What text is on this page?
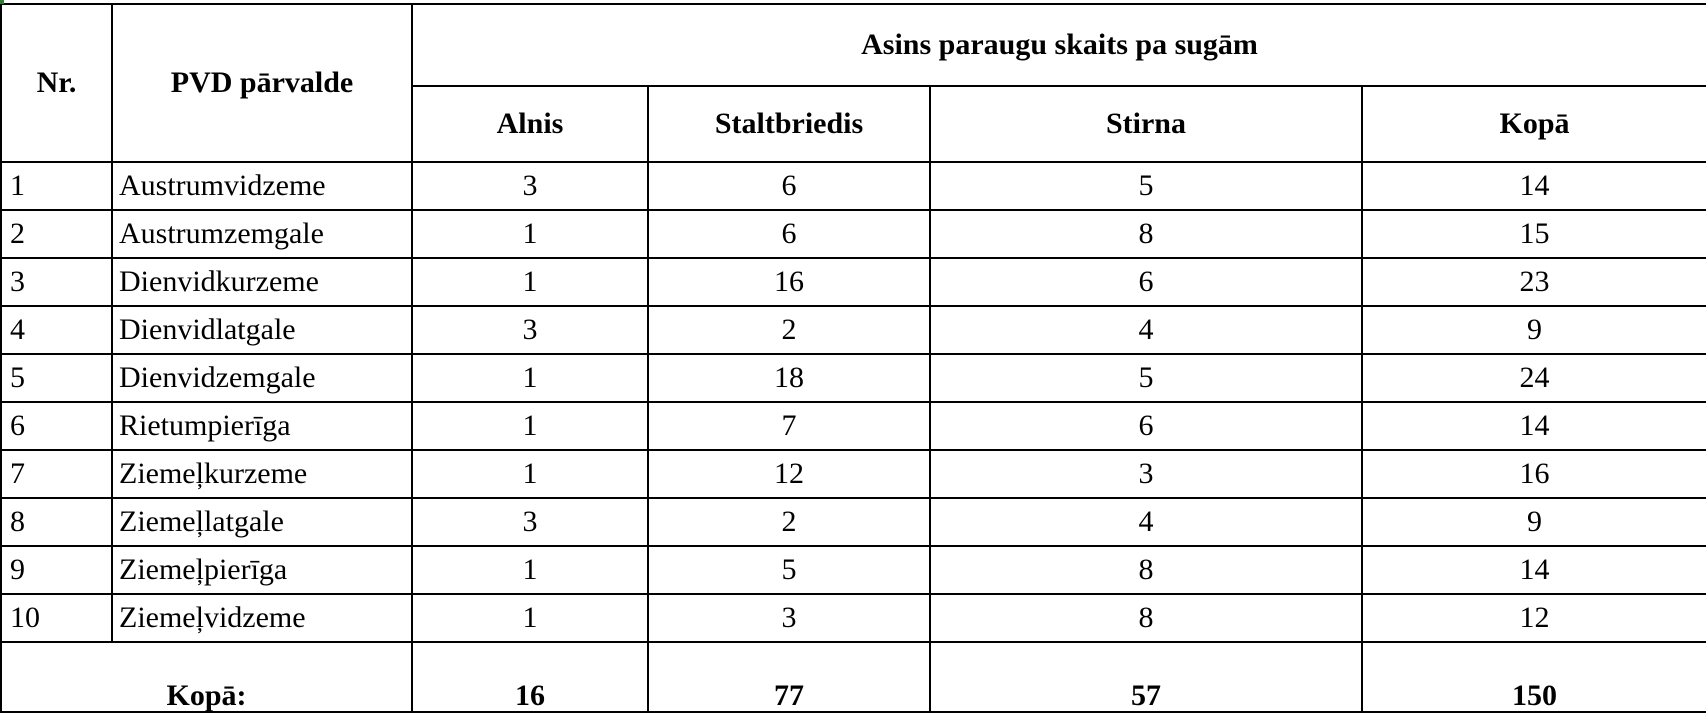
Nr.	PVD pārvalde	Asins paraugu skaits pa sugām			
		Alnis	Staltbriedis	Stirna	Kopā
1	Austrumvidzeme	3	6	5	14
2	Austrumzemgale	1	6	8	15
3	Dienvidkurzeme	1	16	6	23
4	Dienvidlatgale	3	2	4	9
5	Dienvidzemgale	1	18	5	24
6	Rietumpierīga	1	7	6	14
7	Ziemeļkurzeme	1	12	3	16
8	Ziemeļlatgale	3	2	4	9
9	Ziemeļpierīga	1	5	8	14
10	Ziemeļvidzeme	1	3	8	12
Kopā:		16	77	57	150
